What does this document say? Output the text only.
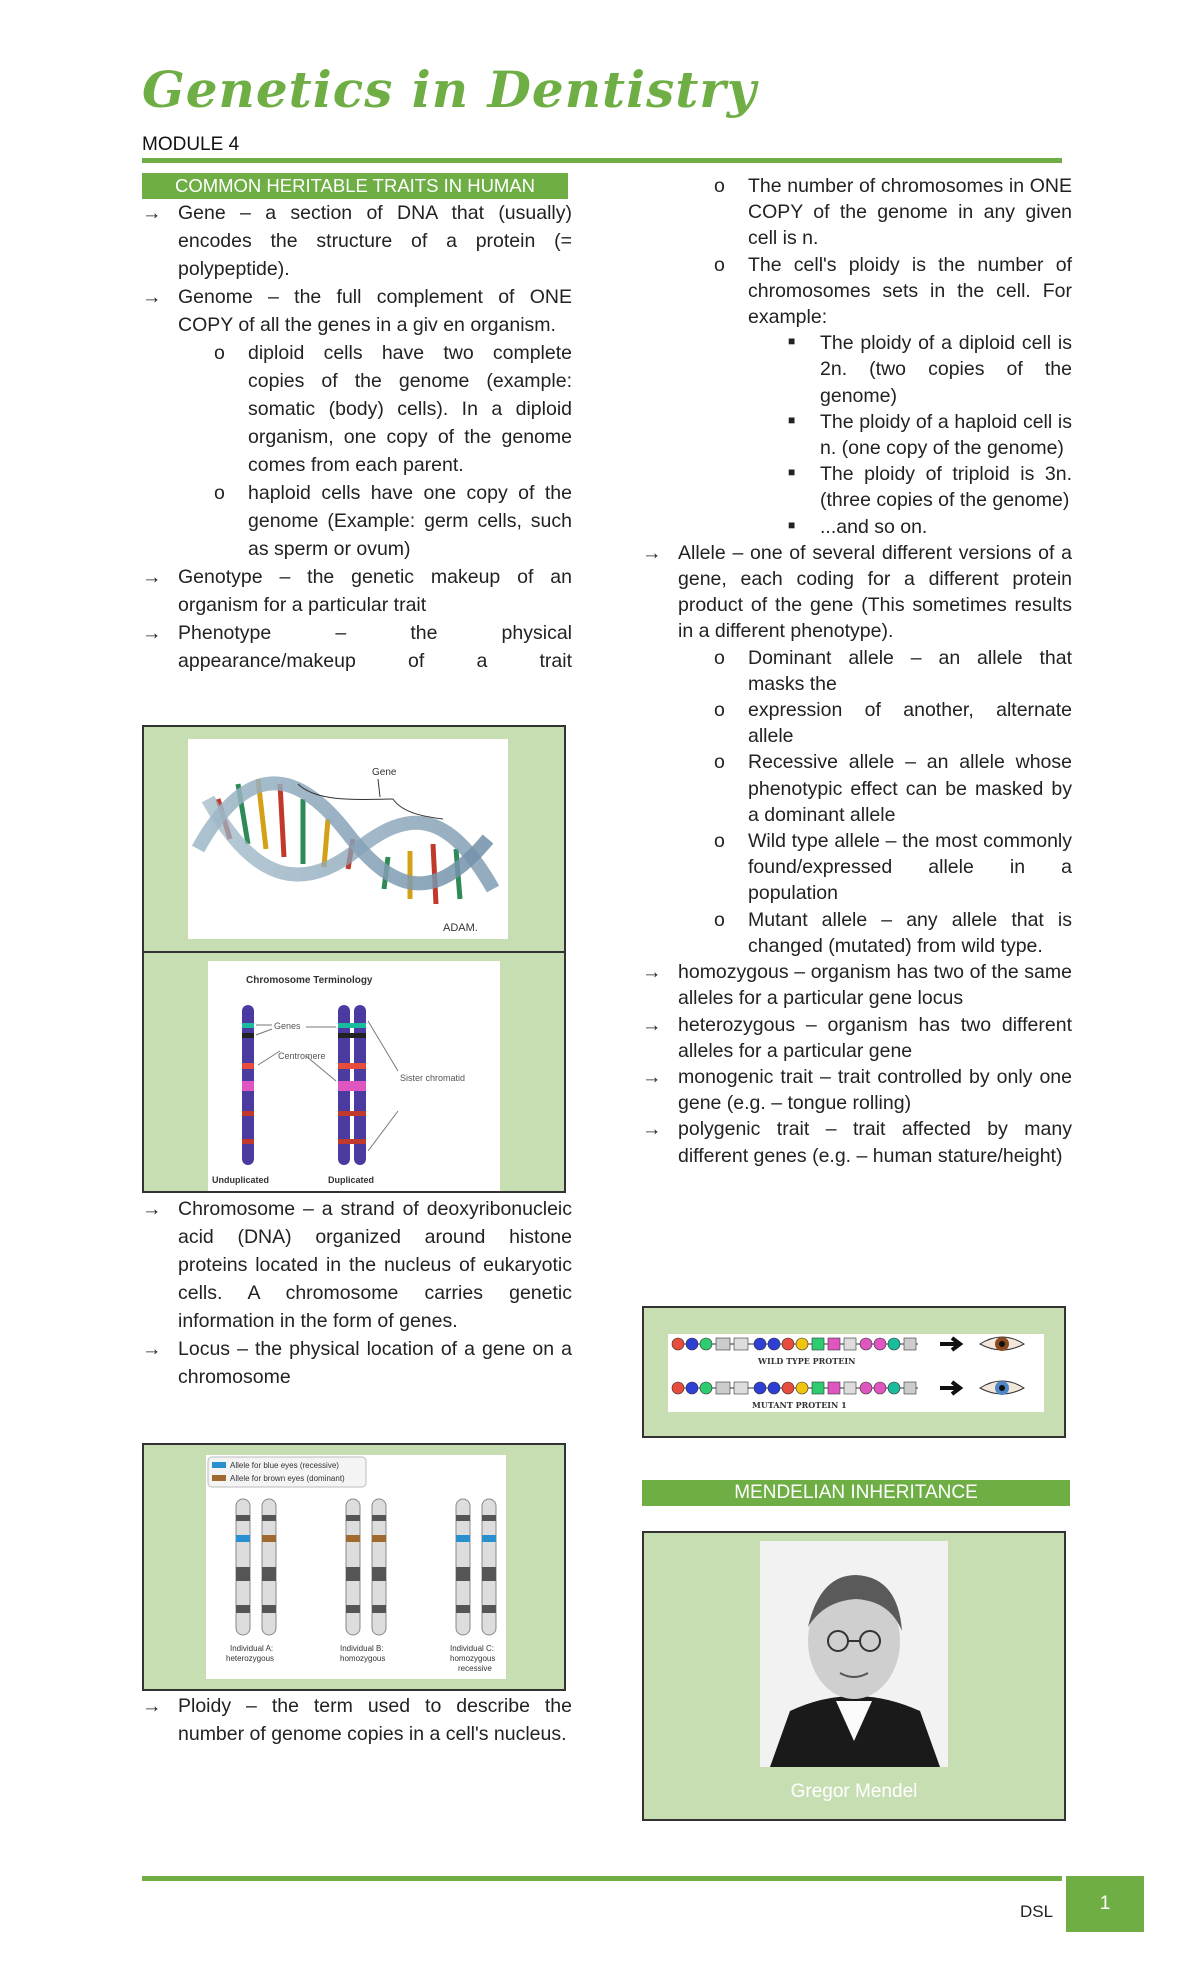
Genetics in Dentistry
MODULE 4
COMMON HERITABLE TRAITS IN HUMAN

→ Gene – a section of DNA that (usually) encodes the structure of a protein (= polypeptide).

→ Genome – the full complement of ONE COPY of all the genes in a giv en organism.

o diploid cells have two complete copies of the genome (example: somatic (body) cells). In a diploid organism, one copy of the genome comes from each parent.

o haploid cells have one copy of the genome (Example: germ cells, such as sperm or ovum)

→ Genotype – the genetic makeup of an organism for a particular trait

→ Phenotype – the physical appearance/makeup of a trait

Gene
ADAM.
Chromosome Terminology
Genes
Centromere
Sister chromatid
Unduplicated	Duplicated

→ Chromosome – a strand of deoxyribonucleic acid (DNA) organized around histone proteins located in the nucleus of eukaryotic cells. A chromosome carries genetic information in the form of genes.

→ Locus – the physical location of a gene on a chromosome

Allele for blue eyes (recessive)
Allele for brown eyes (dominant)
Individual A:
heterozygous
Individual B:
homozygous
Individual C:
homozygous
recessive

→ Ploidy – the term used to describe the number of genome copies in a cell's nucleus.

o The number of chromosomes in ONE COPY of the genome in any given cell is n.

o The cell's ploidy is the number of chromosomes sets in the cell. For example:

■ The ploidy of a diploid cell is 2n. (two copies of the genome)

■ The ploidy of a haploid cell is n. (one copy of the genome)

■ The ploidy of triploid is 3n. (three copies of the genome)

■ ...and so on.

→ Allele – one of several different versions of a gene, each coding for a different protein product of the gene (This sometimes results in a different phenotype).

o Dominant allele – an allele that masks the

o expression of another, alternate allele

o Recessive allele – an allele whose phenotypic effect can be masked by a dominant allele

o Wild type allele – the most commonly found/expressed allele in a population

o Mutant allele – any allele that is changed (mutated) from wild type.

→ homozygous – organism has two of the same alleles for a particular gene locus

→ heterozygous – organism has two different alleles for a particular gene

→ monogenic trait – trait controlled by only one gene (e.g. – tongue rolling)

→ polygenic trait – trait affected by many different genes (e.g. – human stature/height)

WILD TYPE PROTEIN
MUTANT PROTEIN 1
MENDELIAN INHERITANCE
Gregor Mendel
DSL	1
